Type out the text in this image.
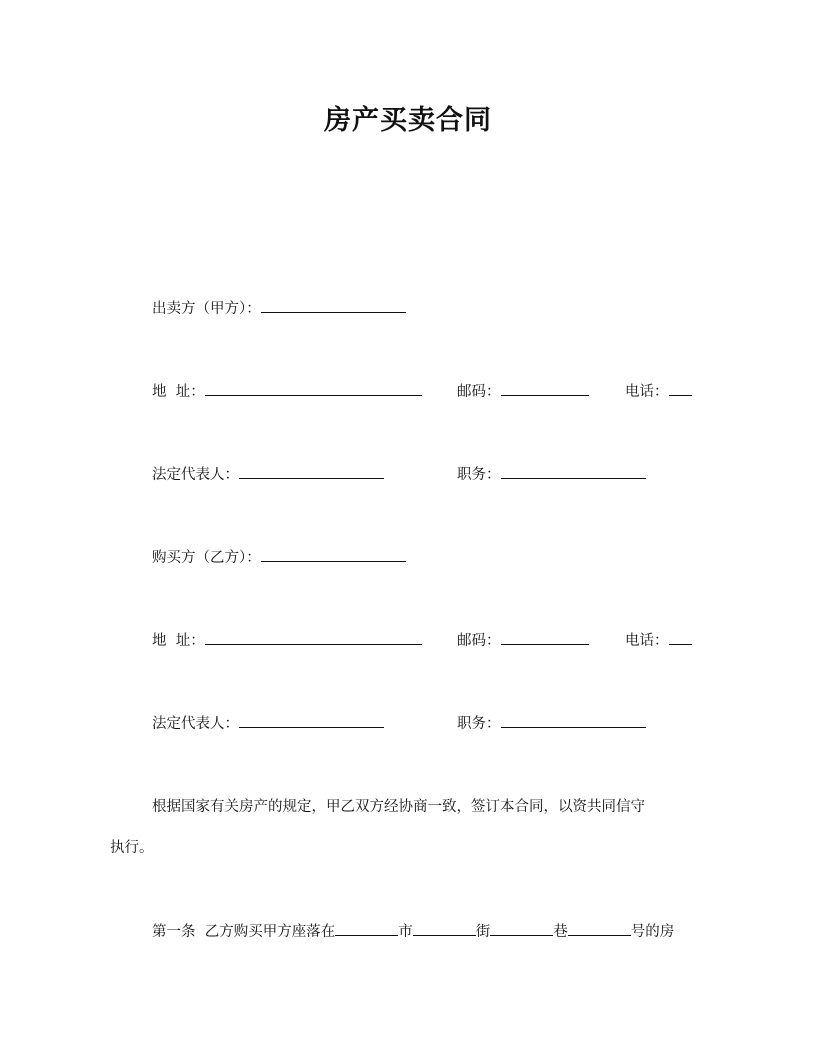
房产买卖合同
出卖方（甲方）：
地  址：	邮码：	电话：
法定代表人：	职务：
购买方（乙方）：
地  址：	邮码：	电话：
法定代表人：	职务：
根据国家有关房产的规定，甲乙双方经协商一致，签订本合同，以资共同信守
执行。
第一条  乙方购买甲方座落在	市	街	巷	号的房
